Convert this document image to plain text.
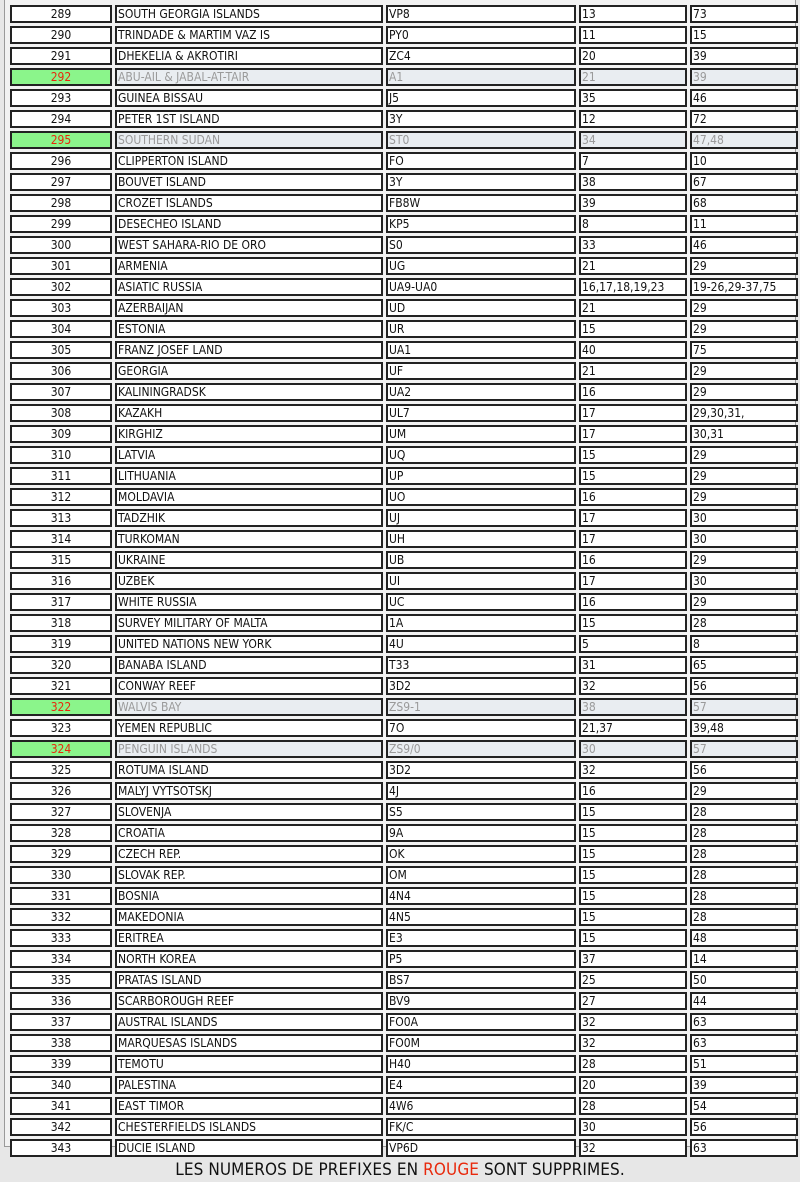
289	SOUTH GEORGIA ISLANDS	VP8	13	73
290	TRINDADE & MARTIM VAZ IS	PY0	11	15
291	DHEKELIA & AKROTIRI	ZC4	20	39
292	ABU-AIL & JABAL-AT-TAIR	A1	21	39
293	GUINEA BISSAU	J5	35	46
294	PETER 1ST ISLAND	3Y	12	72
295	SOUTHERN SUDAN	ST0	34	47,48
296	CLIPPERTON ISLAND	FO	7	10
297	BOUVET ISLAND	3Y	38	67
298	CROZET ISLANDS	FB8W	39	68
299	DESECHEO ISLAND	KP5	8	11
300	WEST SAHARA-RIO DE ORO	S0	33	46
301	ARMENIA	UG	21	29
302	ASIATIC RUSSIA	UA9-UA0	16,17,18,19,23	19-26,29-37,75
303	AZERBAIJAN	UD	21	29
304	ESTONIA	UR	15	29
305	FRANZ JOSEF LAND	UA1	40	75
306	GEORGIA	UF	21	29
307	KALININGRADSK	UA2	16	29
308	KAZAKH	UL7	17	29,30,31,
309	KIRGHIZ	UM	17	30,31
310	LATVIA	UQ	15	29
311	LITHUANIA	UP	15	29
312	MOLDAVIA	UO	16	29
313	TADZHIK	UJ	17	30
314	TURKOMAN	UH	17	30
315	UKRAINE	UB	16	29
316	UZBEK	UI	17	30
317	WHITE RUSSIA	UC	16	29
318	SURVEY MILITARY OF MALTA	1A	15	28
319	UNITED NATIONS NEW YORK	4U	5	8
320	BANABA ISLAND	T33	31	65
321	CONWAY REEF	3D2	32	56
322	WALVIS BAY	ZS9-1	38	57
323	YEMEN REPUBLIC	7O	21,37	39,48
324	PENGUIN ISLANDS	ZS9/0	30	57
325	ROTUMA ISLAND	3D2	32	56
326	MALYJ VYTSOTSKJ	4J	16	29
327	SLOVENJA	S5	15	28
328	CROATIA	9A	15	28
329	CZECH REP.	OK	15	28
330	SLOVAK REP.	OM	15	28
331	BOSNIA	4N4	15	28
332	MAKEDONIA	4N5	15	28
333	ERITREA	E3	15	48
334	NORTH KOREA	P5	37	14
335	PRATAS ISLAND	BS7	25	50
336	SCARBOROUGH REEF	BV9	27	44
337	AUSTRAL ISLANDS	FO0A	32	63
338	MARQUESAS ISLANDS	FO0M	32	63
339	TEMOTU	H40	28	51
340	PALESTINA	E4	20	39
341	EAST TIMOR	4W6	28	54
342	CHESTERFIELDS ISLANDS	FK/C	30	56
343	DUCIE ISLAND	VP6D	32	63
LES NUMEROS DE PREFIXES EN ROUGE SONT SUPPRIMES.
